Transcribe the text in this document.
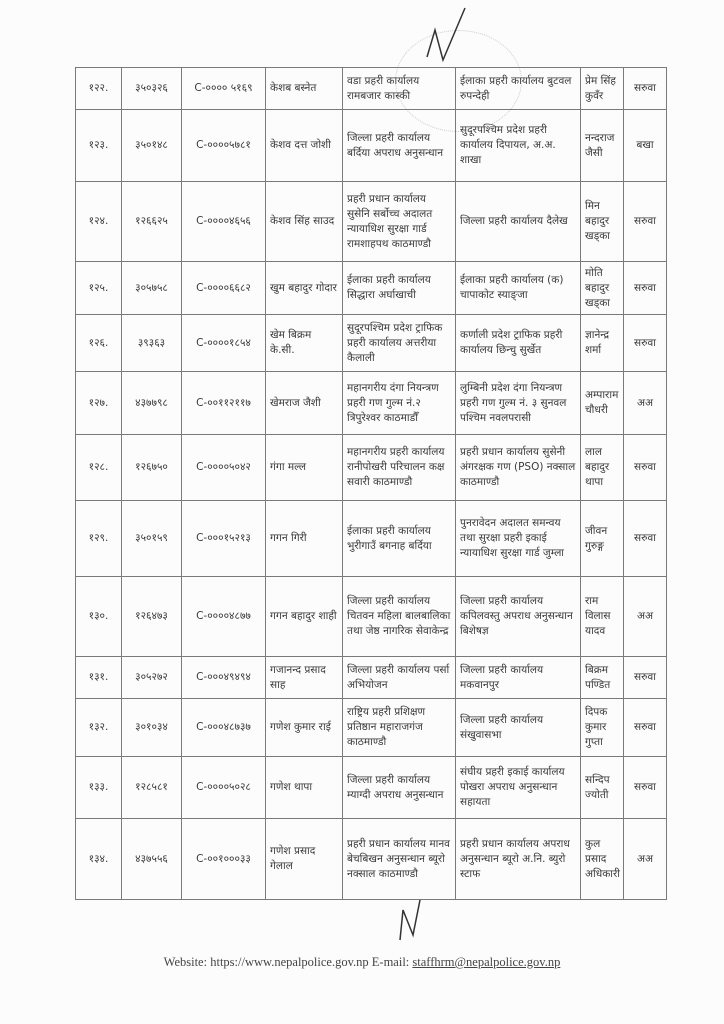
१२२.	३५०३२६	C-०००० ५१६९	केशब बस्नेत	वडा प्रहरी कार्यालय रामबजार कास्की	ईलाका प्रहरी कार्यालय बुटवल रुपन्देही	प्रेम सिंह कुवँर	सरुवा
१२३.	३५०१४८	C-००००५७८१	केशव दत्त जोशी	जिल्ला प्रहरी कार्यालय बर्दिया अपराध अनुसन्धान	सुदूरपश्चिम प्रदेश प्रहरी कार्यालय दिपायल, अ.अ. शाखा	नन्दराज जैसी	बखा
१२४.	१२६६२५	C-००००४६५६	केशव सिंह साउद	प्रहरी प्रधान कार्यालय सुसेनि सर्बोच्च अदालत न्यायाधिश सुरक्षा गार्ड रामशाहपथ काठमाण्डौ	जिल्ला प्रहरी कार्यालय दैलेख	मिन बहादुर खड्का	सरुवा
१२५.	३०५७५८	C-००००६६८२	खुम बहादुर गोदार	ईलाका प्रहरी कार्यालय सिद्धारा अर्घाखाची	ईलाका प्रहरी कार्यालय (क) चापाकोट स्याङ्जा	मोति बहादुर खड्का	सरुवा
१२६.	३९३६३	C-००००१८५४	खेम बिक्रम के.सी.	सुदूरपश्चिम प्रदेश ट्राफिक प्रहरी कार्यालय अत्तरीया कैलाली	कर्णाली प्रदेश ट्राफिक प्रहरी कार्यालय छिन्चु सुर्खेत	ज्ञानेन्द्र शर्मा	सरुवा
१२७.	४३७७९८	C-००११२११७	खेमराज जैशी	महानगरीय दंगा नियन्त्रण प्रहरी गण गुल्म नं.२ त्रिपुरेश्वर काठमाडौँ	लुम्बिनी प्रदेश दंगा नियन्त्रण प्रहरी गण गुल्म नं. ३ सुनवल पश्चिम नवलपरासी	अम्पाराम चौधरी	अअ
१२८.	१२६७५०	C-००००५०४२	गंगा मल्ल	महानगरीय प्रहरी कार्यालय रानीपोखरी परिचालन कक्ष सवारी काठमाण्डौ	प्रहरी प्रधान कार्यालय सुसेनी अंगरक्षक गण (PSO) नक्साल काठमाण्डौ	लाल बहादुर थापा	सरुवा
१२९.	३५०१५९	C-०००१५२१३	गगन गिरी	ईलाका प्रहरी कार्यालय भुरीगाउँ बगनाह बर्दिया	पुनरावेदन अदालत समन्वय तथा सुरक्षा प्रहरी इकाई न्यायाधिश सुरक्षा गार्ड जुम्ला	जीवन गुरुङ्ग	सरुवा
१३०.	१२६४७३	C-००००४८७७	गगन बहादुर शाही	जिल्ला प्रहरी कार्यालय चितवन महिला बालबालिका तथा जेष्ठ नागरिक सेवाकेन्द्र	जिल्ला प्रहरी कार्यालय कपिलवस्तु अपराध अनुसन्धान बिशेषज्ञ	राम विलास यादव	अअ
१३१.	३०५२७२	C-०००४९४९४	गजानन्द प्रसाद साह	जिल्ला प्रहरी कार्यालय पर्सा अभियोजन	जिल्ला प्रहरी कार्यालय मकवानपुर	बिक्रम पण्डित	सरुवा
१३२.	३०१०३४	C-०००४८७३७	गणेश कुमार राई	राष्ट्रिय प्रहरी प्रशिक्षण प्रतिष्ठान महाराजगंज काठमाण्डौ	जिल्ला प्रहरी कार्यालय संखुवासभा	दिपक कुमार गुप्ता	सरुवा
१३३.	१२८५८१	C-००००५०२८	गणेश थापा	जिल्ला प्रहरी कार्यालय म्याग्दी अपराध अनुसन्धान	संघीय प्रहरी इकाई कार्यालय पोखरा अपराध अनुसन्धान सहायता	सन्दिप ज्योती	सरुवा
१३४.	४३७५५६	C-००१०००३३	गणेश प्रसाद गेलाल	प्रहरी प्रधान कार्यालय मानव बेचबिखन अनुसन्धान ब्यूरो नक्साल काठमाण्डौ	प्रहरी प्रधान कार्यालय अपराध अनुसन्धान ब्यूरो अ.नि. ब्युरो स्टाफ	कुल प्रसाद अधिकारी	अअ
Website: https://www.nepalpolice.gov.np E-mail: staffhrm@nepalpolice.gov.np
